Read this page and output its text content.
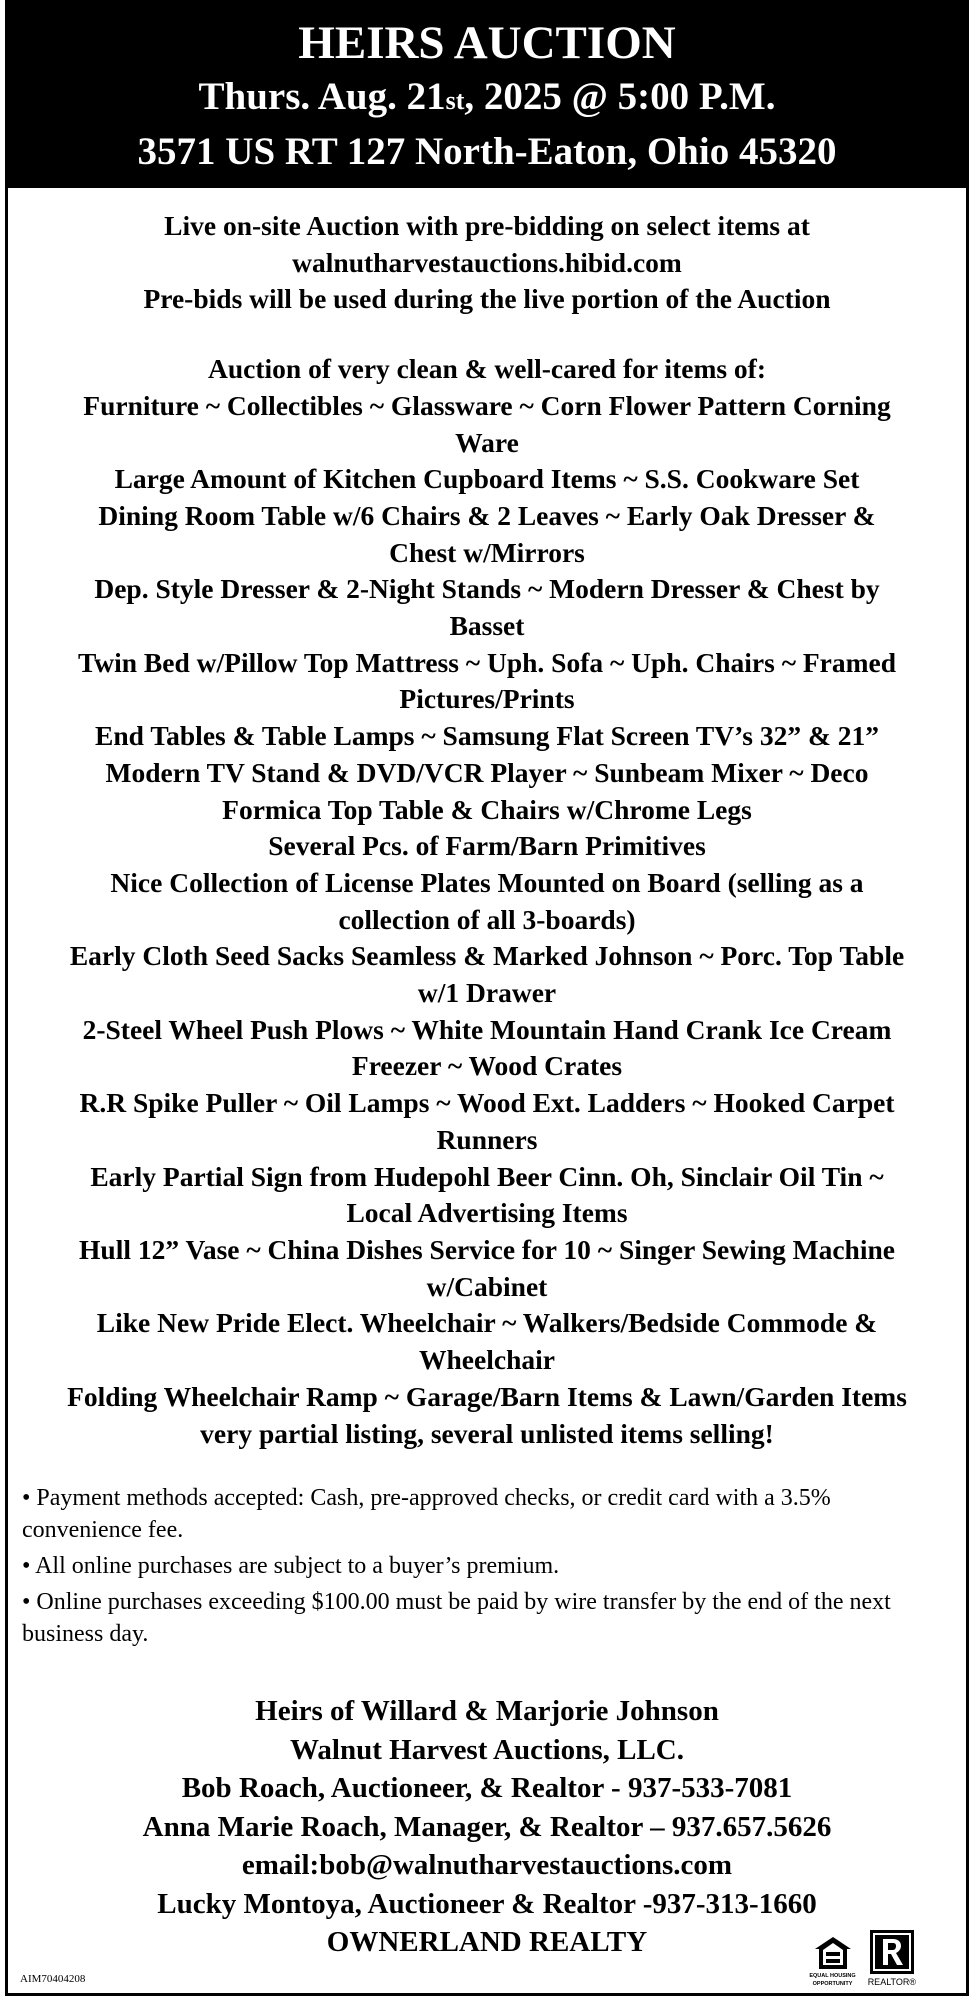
HEIRS AUCTION

Thurs. Aug. 21st, 2025 @ 5:00 P.M.

3571 US RT 127 North-Eaton, Ohio 45320

Live on-site Auction with pre-bidding on select items at
walnutharvestauctions.hibid.com
Pre-bids will be used during the live portion of the Auction
Auction of very clean & well-cared for items of:
Furniture ~ Collectibles ~ Glassware ~ Corn Flower Pattern Corning
Ware
Large Amount of Kitchen Cupboard Items ~ S.S. Cookware Set
Dining Room Table w/6 Chairs & 2 Leaves ~ Early Oak Dresser &
Chest w/Mirrors
Dep. Style Dresser & 2-Night Stands ~ Modern Dresser & Chest by
Basset
Twin Bed w/Pillow Top Mattress ~ Uph. Sofa ~ Uph. Chairs ~ Framed
Pictures/Prints
End Tables & Table Lamps ~ Samsung Flat Screen TV’s 32” & 21”
Modern TV Stand & DVD/VCR Player ~ Sunbeam Mixer ~ Deco
Formica Top Table & Chairs w/Chrome Legs
Several Pcs. of Farm/Barn Primitives
Nice Collection of License Plates Mounted on Board (selling as a
collection of all 3-boards)
Early Cloth Seed Sacks Seamless & Marked Johnson ~ Porc. Top Table
w/1 Drawer
2-Steel Wheel Push Plows ~ White Mountain Hand Crank Ice Cream
Freezer ~ Wood Crates
R.R Spike Puller ~ Oil Lamps ~ Wood Ext. Ladders ~ Hooked Carpet
Runners
Early Partial Sign from Hudepohl Beer Cinn. Oh, Sinclair Oil Tin ~
Local Advertising Items
Hull 12” Vase ~ China Dishes Service for 10 ~ Singer Sewing Machine
w/Cabinet
Like New Pride Elect. Wheelchair ~ Walkers/Bedside Commode &
Wheelchair
Folding Wheelchair Ramp ~ Garage/Barn Items & Lawn/Garden Items
very partial listing, several unlisted items selling!
• Payment methods accepted: Cash, pre-approved checks, or credit card with a 3.5% convenience fee.
• All online purchases are subject to a buyer’s premium.
• Online purchases exceeding $100.00 must be paid by wire transfer by the end of the next business day.
Heirs of Willard & Marjorie Johnson
Walnut Harvest Auctions, LLC.
Bob Roach, Auctioneer, & Realtor - 937-533-7081
Anna Marie Roach, Manager, & Realtor – 937.657.5626
email:bob@walnutharvestauctions.com
Lucky Montoya, Auctioneer & Realtor -937-313-1660
OWNERLAND REALTY
AIM70404208	EQUAL HOUSING
OPPORTUNITY REALTOR®
